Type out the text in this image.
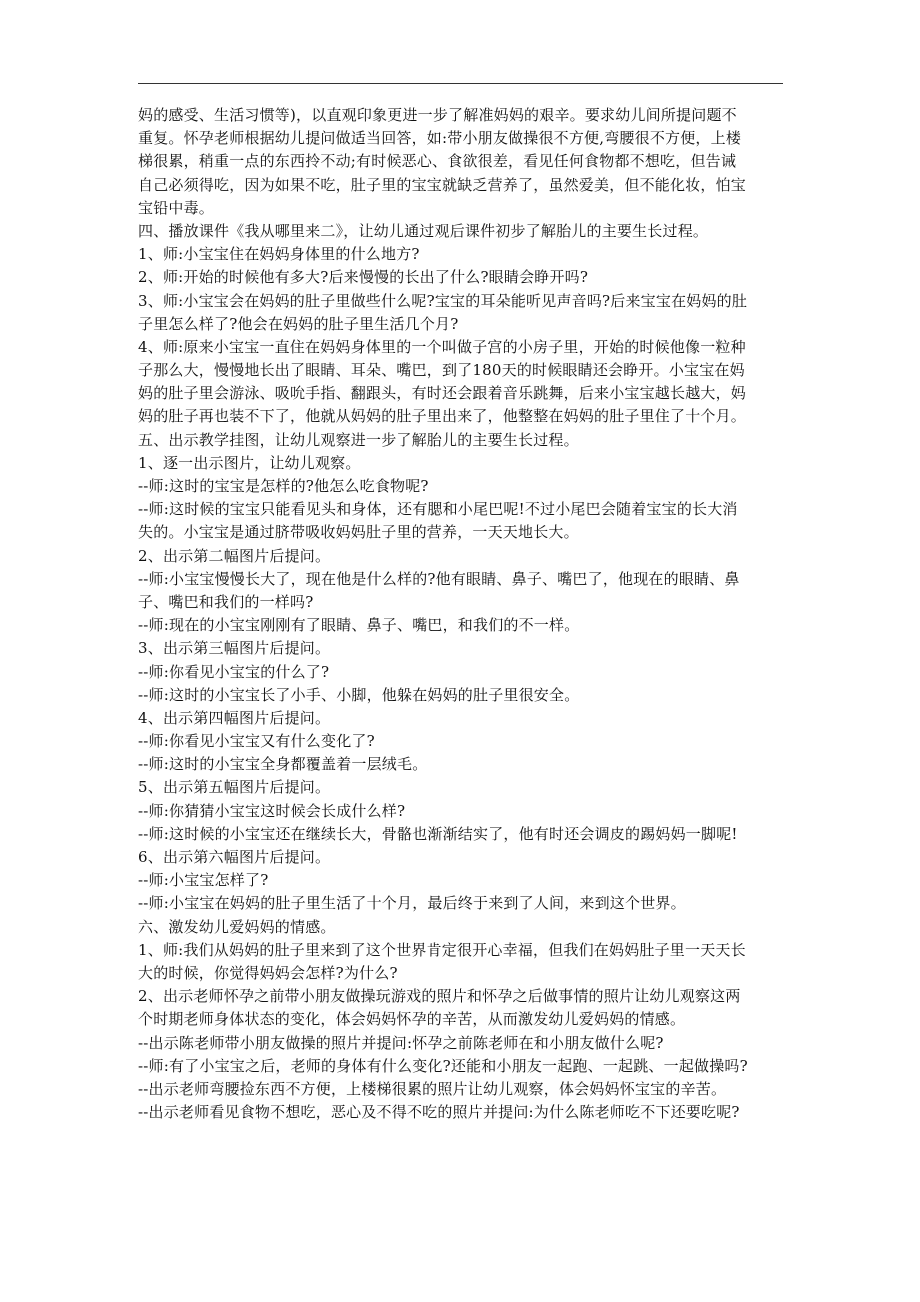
妈的感受、生活习惯等)，以直观印象更进一步了解准妈妈的艰辛。要求幼儿间所提问题不
重复。怀孕老师根据幼儿提问做适当回答，如:带小朋友做操很不方便,弯腰很不方便，上楼
梯很累，稍重一点的东西拎不动;有时候恶心、食欲很差，看见任何食物都不想吃，但告诫
自己必须得吃，因为如果不吃，肚子里的宝宝就缺乏营养了，虽然爱美，但不能化妆，怕宝
宝铅中毒。
四、播放课件《我从哪里来二》，让幼儿通过观后课件初步了解胎儿的主要生长过程。
1、师:小宝宝住在妈妈身体里的什么地方?
2、师:开始的时候他有多大?后来慢慢的长出了什么?眼睛会睁开吗?
3、师:小宝宝会在妈妈的肚子里做些什么呢?宝宝的耳朵能听见声音吗?后来宝宝在妈妈的肚
子里怎么样了?他会在妈妈的肚子里生活几个月?
4、师:原来小宝宝一直住在妈妈身体里的一个叫做子宫的小房子里，开始的时候他像一粒种
子那么大，慢慢地长出了眼睛、耳朵、嘴巴，到了180天的时候眼睛还会睁开。小宝宝在妈
妈的肚子里会游泳、吸吮手指、翻跟头，有时还会跟着音乐跳舞，后来小宝宝越长越大，妈
妈的肚子再也装不下了，他就从妈妈的肚子里出来了，他整整在妈妈的肚子里住了十个月。
五、出示教学挂图，让幼儿观察进一步了解胎儿的主要生长过程。
1、逐一出示图片，让幼儿观察。
--师:这时的宝宝是怎样的?他怎么吃食物呢?
--师:这时候的宝宝只能看见头和身体，还有腮和小尾巴呢!不过小尾巴会随着宝宝的长大消
失的。小宝宝是通过脐带吸收妈妈肚子里的营养，一天天地长大。
2、出示第二幅图片后提问。
--师:小宝宝慢慢长大了，现在他是什么样的?他有眼睛、鼻子、嘴巴了，他现在的眼睛、鼻
子、嘴巴和我们的一样吗?
--师:现在的小宝宝刚刚有了眼睛、鼻子、嘴巴，和我们的不一样。
3、出示第三幅图片后提问。
--师:你看见小宝宝的什么了?
--师:这时的小宝宝长了小手、小脚，他躲在妈妈的肚子里很安全。
4、出示第四幅图片后提问。
--师:你看见小宝宝又有什么变化了?
--师:这时的小宝宝全身都覆盖着一层绒毛。
5、出示第五幅图片后提问。
--师:你猜猜小宝宝这时候会长成什么样?
--师:这时候的小宝宝还在继续长大，骨骼也渐渐结实了，他有时还会调皮的踢妈妈一脚呢!
6、出示第六幅图片后提问。
--师:小宝宝怎样了?
--师:小宝宝在妈妈的肚子里生活了十个月，最后终于来到了人间，来到这个世界。
六、激发幼儿爱妈妈的情感。
1、师:我们从妈妈的肚子里来到了这个世界肯定很开心幸福，但我们在妈妈肚子里一天天长
大的时候，你觉得妈妈会怎样?为什么?
2、出示老师怀孕之前带小朋友做操玩游戏的照片和怀孕之后做事情的照片让幼儿观察这两
个时期老师身体状态的变化，体会妈妈怀孕的辛苦，从而激发幼儿爱妈妈的情感。
--出示陈老师带小朋友做操的照片并提问:怀孕之前陈老师在和小朋友做什么呢?
--师:有了小宝宝之后，老师的身体有什么变化?还能和小朋友一起跑、一起跳、一起做操吗?
--出示老师弯腰捡东西不方便，上楼梯很累的照片让幼儿观察，体会妈妈怀宝宝的辛苦。
--出示老师看见食物不想吃，恶心及不得不吃的照片并提问:为什么陈老师吃不下还要吃呢?
